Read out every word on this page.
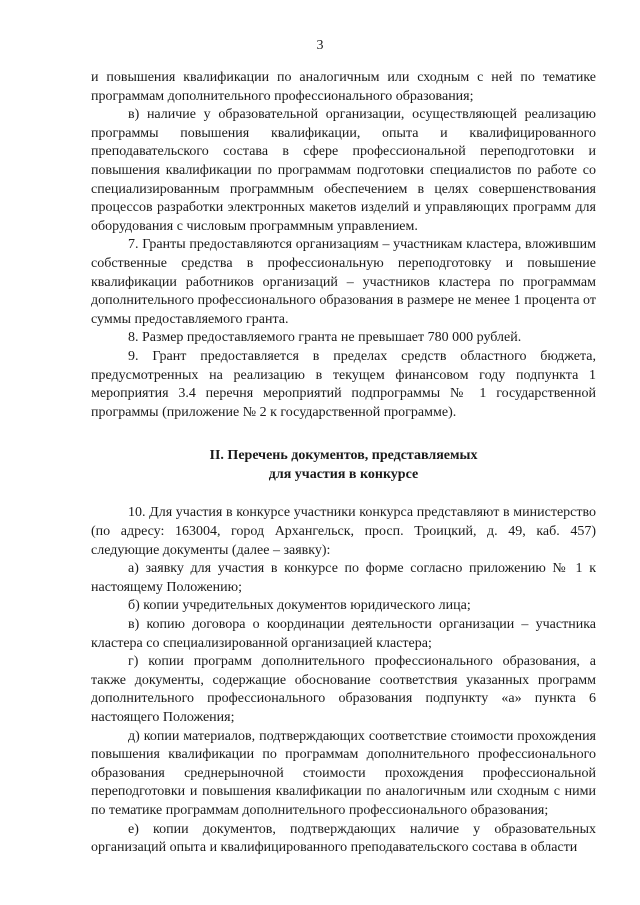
3

и повышения квалификации по аналогичным или сходным с ней по тематике программам дополнительного профессионального образования;

в) наличие у образовательной организации, осуществляющей реализацию программы повышения квалификации, опыта и квалифицированного преподавательского состава в сфере профессиональной переподготовки и повышения квалификации по программам подготовки специалистов по работе со специализированным программным обеспечением в целях совершенствования процессов разработки электронных макетов изделий и управляющих программ для оборудования с числовым программным управлением.

7. Гранты предоставляются организациям – участникам кластера, вложившим собственные средства в профессиональную переподготовку и повышение квалификации работников организаций – участников кластера по программам дополнительного профессионального образования в размере не менее 1 процента от суммы предоставляемого гранта.

8. Размер предоставляемого гранта не превышает 780 000 рублей.

9. Грант предоставляется в пределах средств областного бюджета, предусмотренных на реализацию в текущем финансовом году подпункта 1 мероприятия 3.4 перечня мероприятий подпрограммы № 1 государственной программы (приложение № 2 к государственной программе).

II. Перечень документов, представляемых
для участия в конкурсе

10. Для участия в конкурсе участники конкурса представляют в министерство (по адресу: 163004, город Архангельск, просп. Троицкий, д. 49, каб. 457) следующие документы (далее – заявку):

а) заявку для участия в конкурсе по форме согласно приложению № 1 к настоящему Положению;

б) копии учредительных документов юридического лица;

в) копию договора о координации деятельности организации – участника кластера со специализированной организацией кластера;

г) копии программ дополнительного профессионального образования, а также документы, содержащие обоснование соответствия указанных программ дополнительного профессионального образования подпункту «а» пункта 6 настоящего Положения;

д) копии материалов, подтверждающих соответствие стоимости прохождения повышения квалификации по программам дополнительного профессионального образования среднерыночной стоимости прохождения профессиональной переподготовки и повышения квалификации по аналогичным или сходным с ними по тематике программам дополнительного профессионального образования;

е) копии документов, подтверждающих наличие у образовательных организаций опыта и квалифицированного преподавательского состава в области
